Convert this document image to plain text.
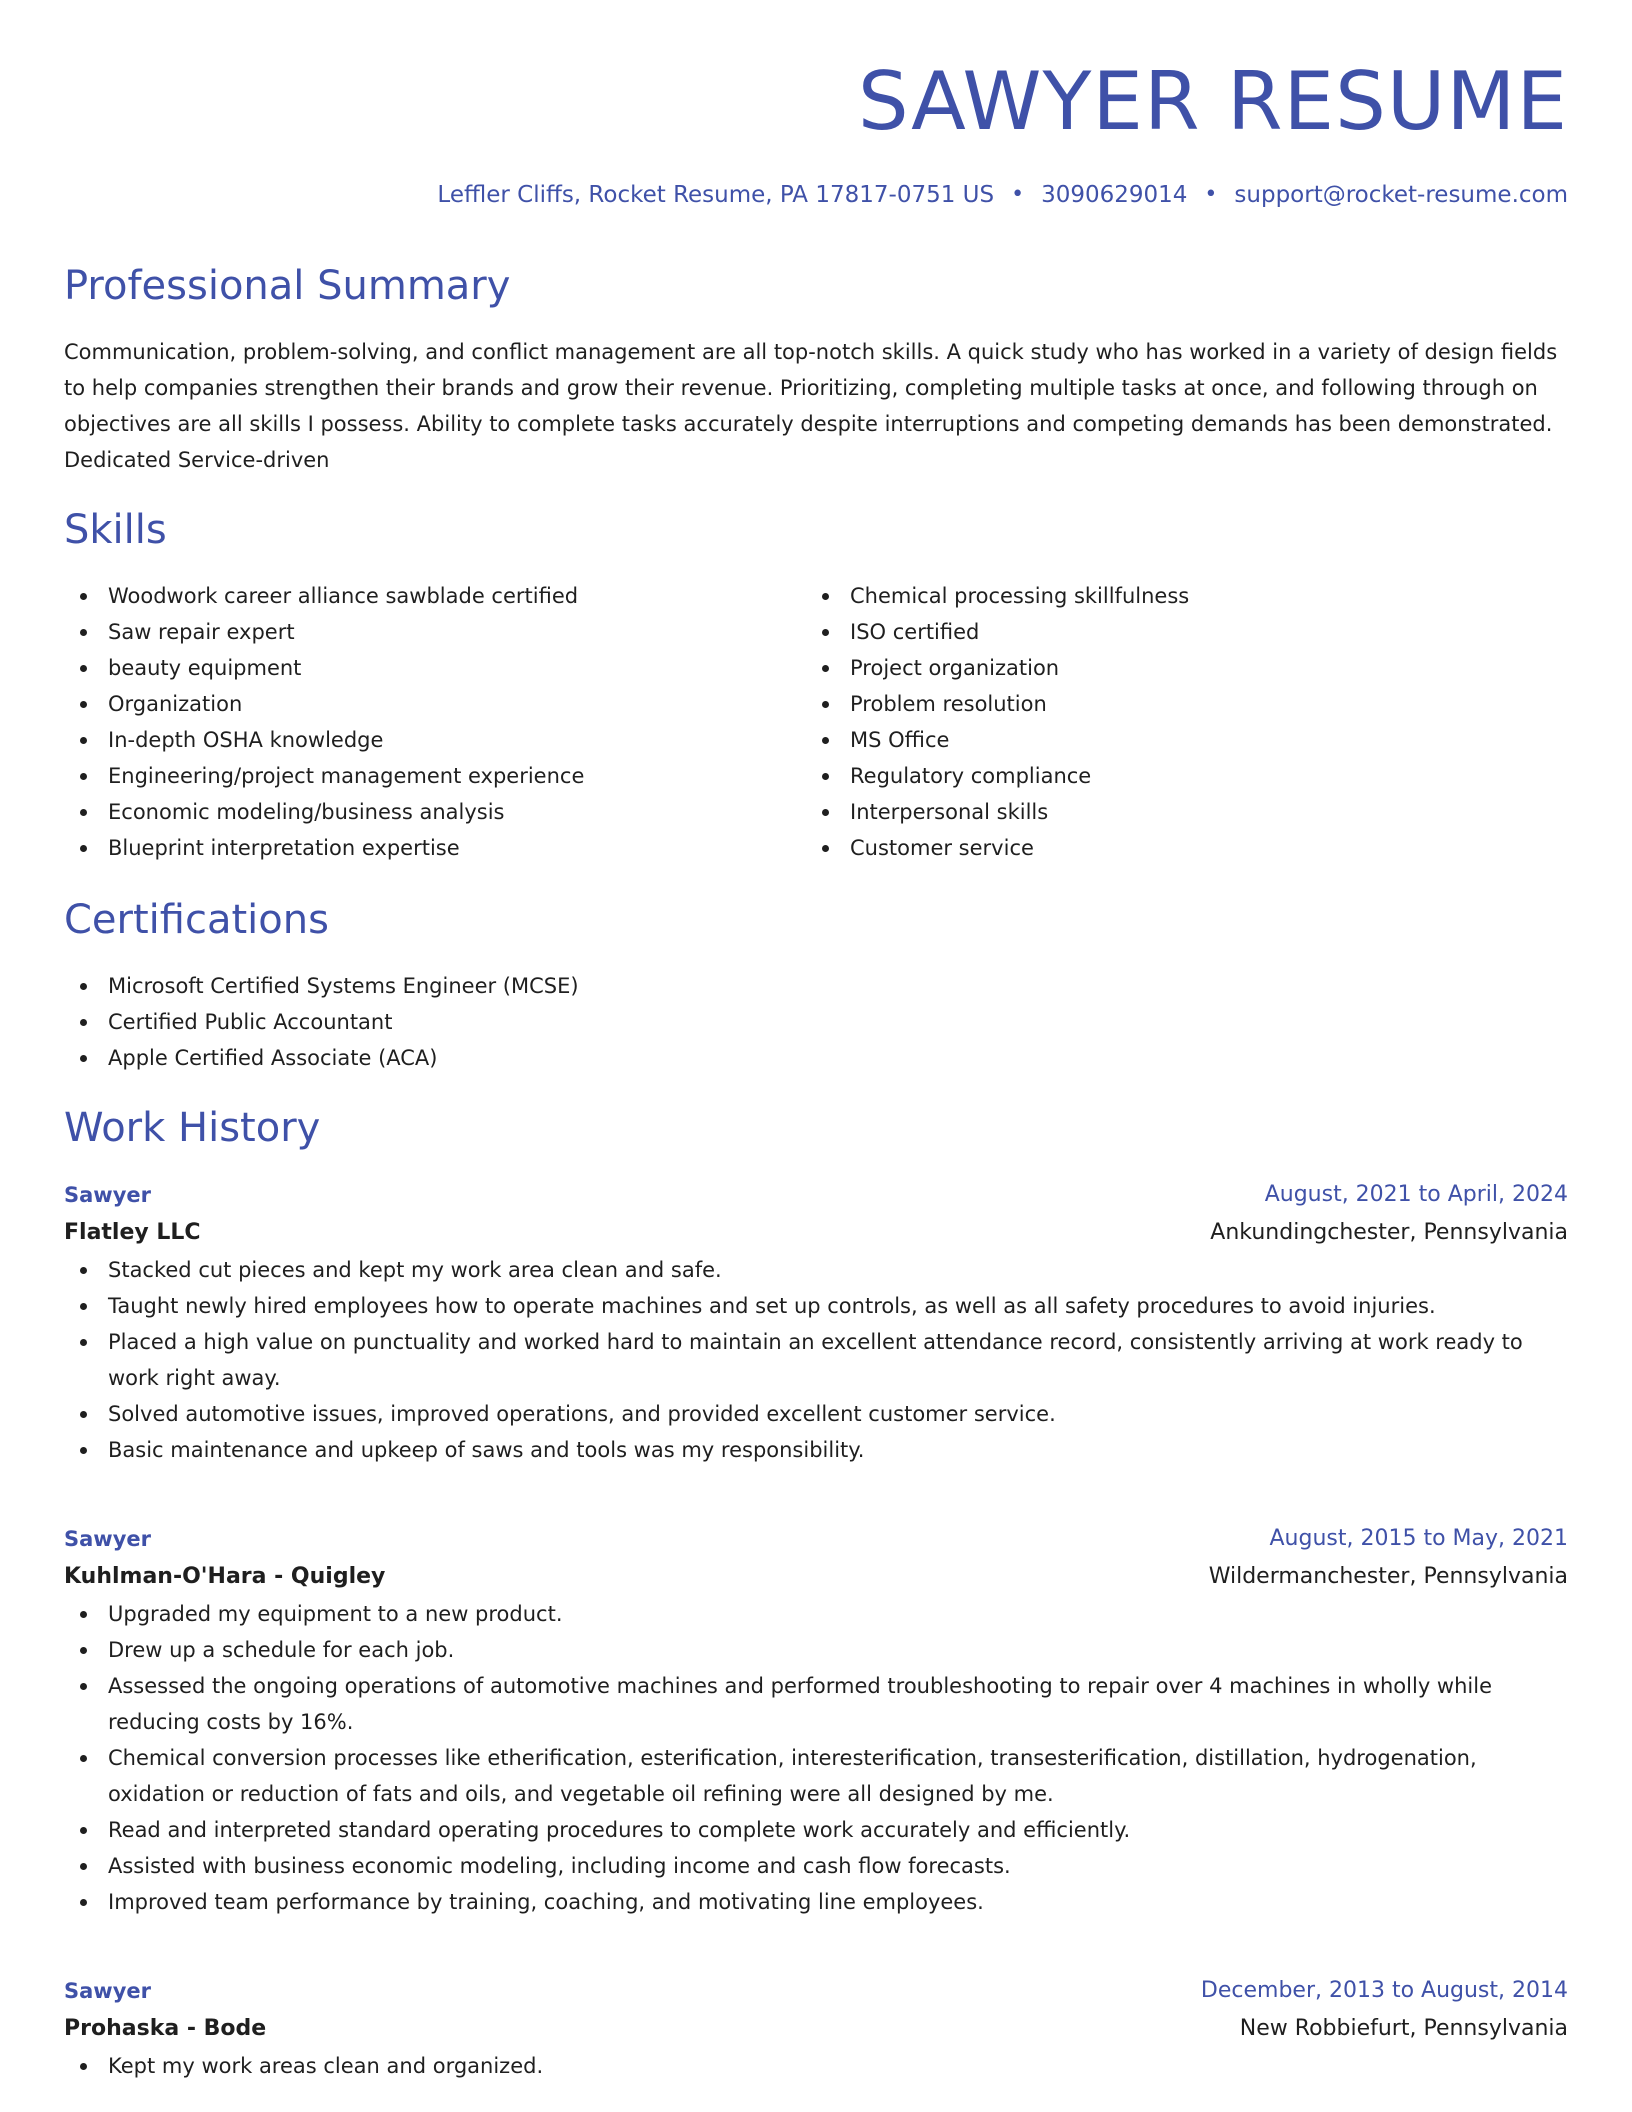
SAWYER RESUME
Leffler Cliffs, Rocket Resume, PA 17817-0751 US • 3090629014 • support@rocket-resume.com
Professional Summary

Communication, problem-solving, and conflict management are all top-notch skills. A quick study who has worked in a variety of design fields to help companies strengthen their brands and grow their revenue. Prioritizing, completing multiple tasks at once, and following through on objectives are all skills I possess. Ability to complete tasks accurately despite interruptions and competing demands has been demonstrated. Dedicated Service-driven

Skills
Woodwork career alliance sawblade certified
Saw repair expert
beauty equipment
Organization
In-depth OSHA knowledge
Engineering/project management experience
Economic modeling/business analysis
Blueprint interpretation expertise
Chemical processing skillfulness
ISO certified
Project organization
Problem resolution
MS Office
Regulatory compliance
Interpersonal skills
Customer service
Certifications
Microsoft Certified Systems Engineer (MCSE)
Certified Public Accountant
Apple Certified Associate (ACA)
Work History
Sawyer	August, 2021 to April, 2024
Flatley LLC	Ankundingchester, Pennsylvania
Stacked cut pieces and kept my work area clean and safe.
Taught newly hired employees how to operate machines and set up controls, as well as all safety procedures to avoid injuries.
Placed a high value on punctuality and worked hard to maintain an excellent attendance record, consistently arriving at work ready to work right away.
Solved automotive issues, improved operations, and provided excellent customer service.
Basic maintenance and upkeep of saws and tools was my responsibility.
Sawyer	August, 2015 to May, 2021
Kuhlman-O'Hara - Quigley	Wildermanchester, Pennsylvania
Upgraded my equipment to a new product.
Drew up a schedule for each job.
Assessed the ongoing operations of automotive machines and performed troubleshooting to repair over 4 machines in wholly while reducing costs by 16%.
Chemical conversion processes like etherification, esterification, interesterification, transesterification, distillation, hydrogenation, oxidation or reduction of fats and oils, and vegetable oil refining were all designed by me.
Read and interpreted standard operating procedures to complete work accurately and efficiently.
Assisted with business economic modeling, including income and cash flow forecasts.
Improved team performance by training, coaching, and motivating line employees.
Sawyer	December, 2013 to August, 2014
Prohaska - Bode	New Robbiefurt, Pennsylvania
Kept my work areas clean and organized.
